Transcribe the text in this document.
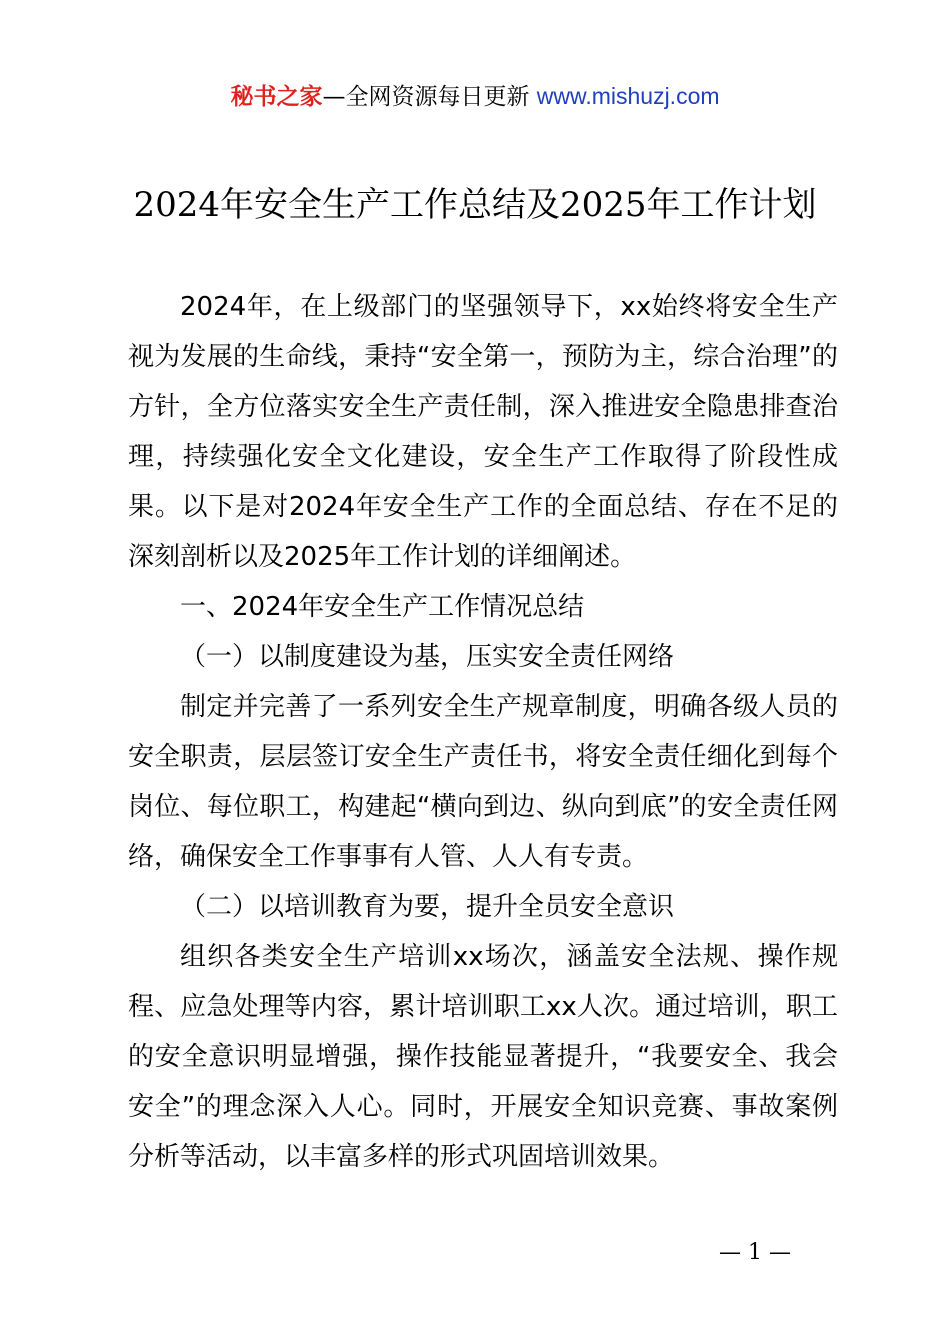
秘书之家—全网资源每日更新 www.mishuzj.com
2024年安全生产工作总结及2025年工作计划

2024年，在上级部门的坚强领导下，xx始终将安全生产视为发展的生命线，秉持“安全第一，预防为主，综合治理”的方针，全方位落实安全生产责任制，深入推进安全隐患排查治理，持续强化安全文化建设，安全生产工作取得了阶段性成果。以下是对2024年安全生产工作的全面总结、存在不足的深刻剖析以及2025年工作计划的详细阐述。

一、2024年安全生产工作情况总结

（一）以制度建设为基，压实安全责任网络

制定并完善了一系列安全生产规章制度，明确各级人员的安全职责，层层签订安全生产责任书，将安全责任细化到每个岗位、每位职工，构建起“横向到边、纵向到底”的安全责任网络，确保安全工作事事有人管、人人有专责。

（二）以培训教育为要，提升全员安全意识

组织各类安全生产培训xx场次，涵盖安全法规、操作规程、应急处理等内容，累计培训职工xx人次。通过培训，职工的安全意识明显增强，操作技能显著提升，“我要安全、我会安全”的理念深入人心。同时，开展安全知识竞赛、事故案例分析等活动，以丰富多样的形式巩固培训效果。

— 1 —
